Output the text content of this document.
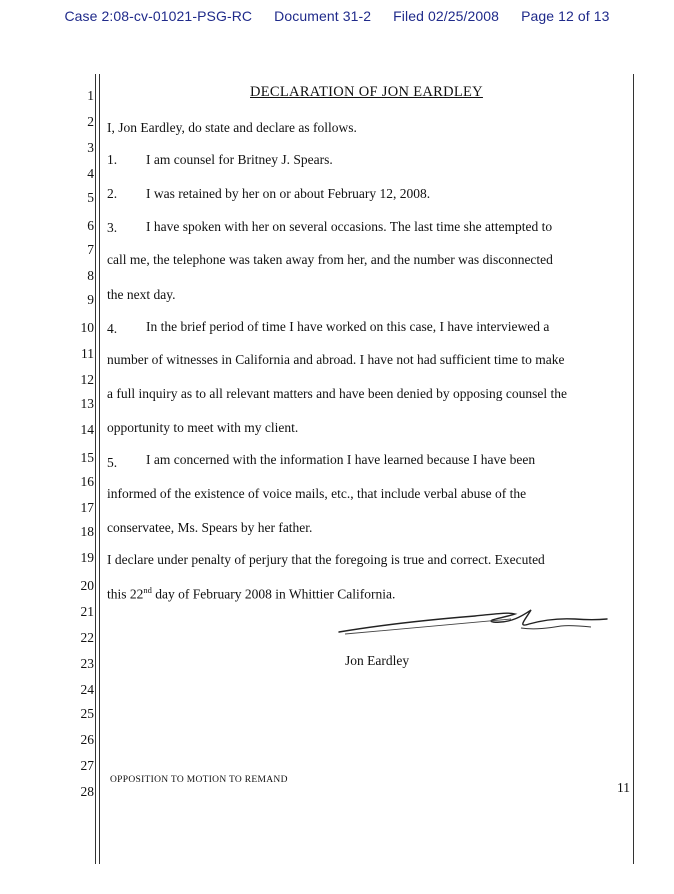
Case 2:08-cv-01021-PSG-RC Document 31-2 Filed 02/25/2008 Page 12 of 13
1
2
3
4
5
6
7
8
9
10
11
12
13
14
15
16
17
18
19
20
21
22
23
24
25
26
27
28
DECLARATION OF JON EARDLEY
I, Jon Eardley, do state and declare as follows.
1. I am counsel for Britney J. Spears.
2. I was retained by her on or about February 12, 2008.
3. I have spoken with her on several occasions. The last time she attempted to
call me, the telephone was taken away from her, and the number was disconnected
the next day.
4. In the brief period of time I have worked on this case, I have interviewed a
number of witnesses in California and abroad. I have not had sufficient time to make
a full inquiry as to all relevant matters and have been denied by opposing counsel the
opportunity to meet with my client.
5. I am concerned with the information I have learned because I have been
informed of the existence of voice mails, etc., that include verbal abuse of the
conservatee, Ms. Spears by her father.
I declare under penalty of perjury that the foregoing is true and correct. Executed
this 22nd day of February 2008 in Whittier California.
Jon Eardley
OPPOSITION TO MOTION TO REMAND	11
